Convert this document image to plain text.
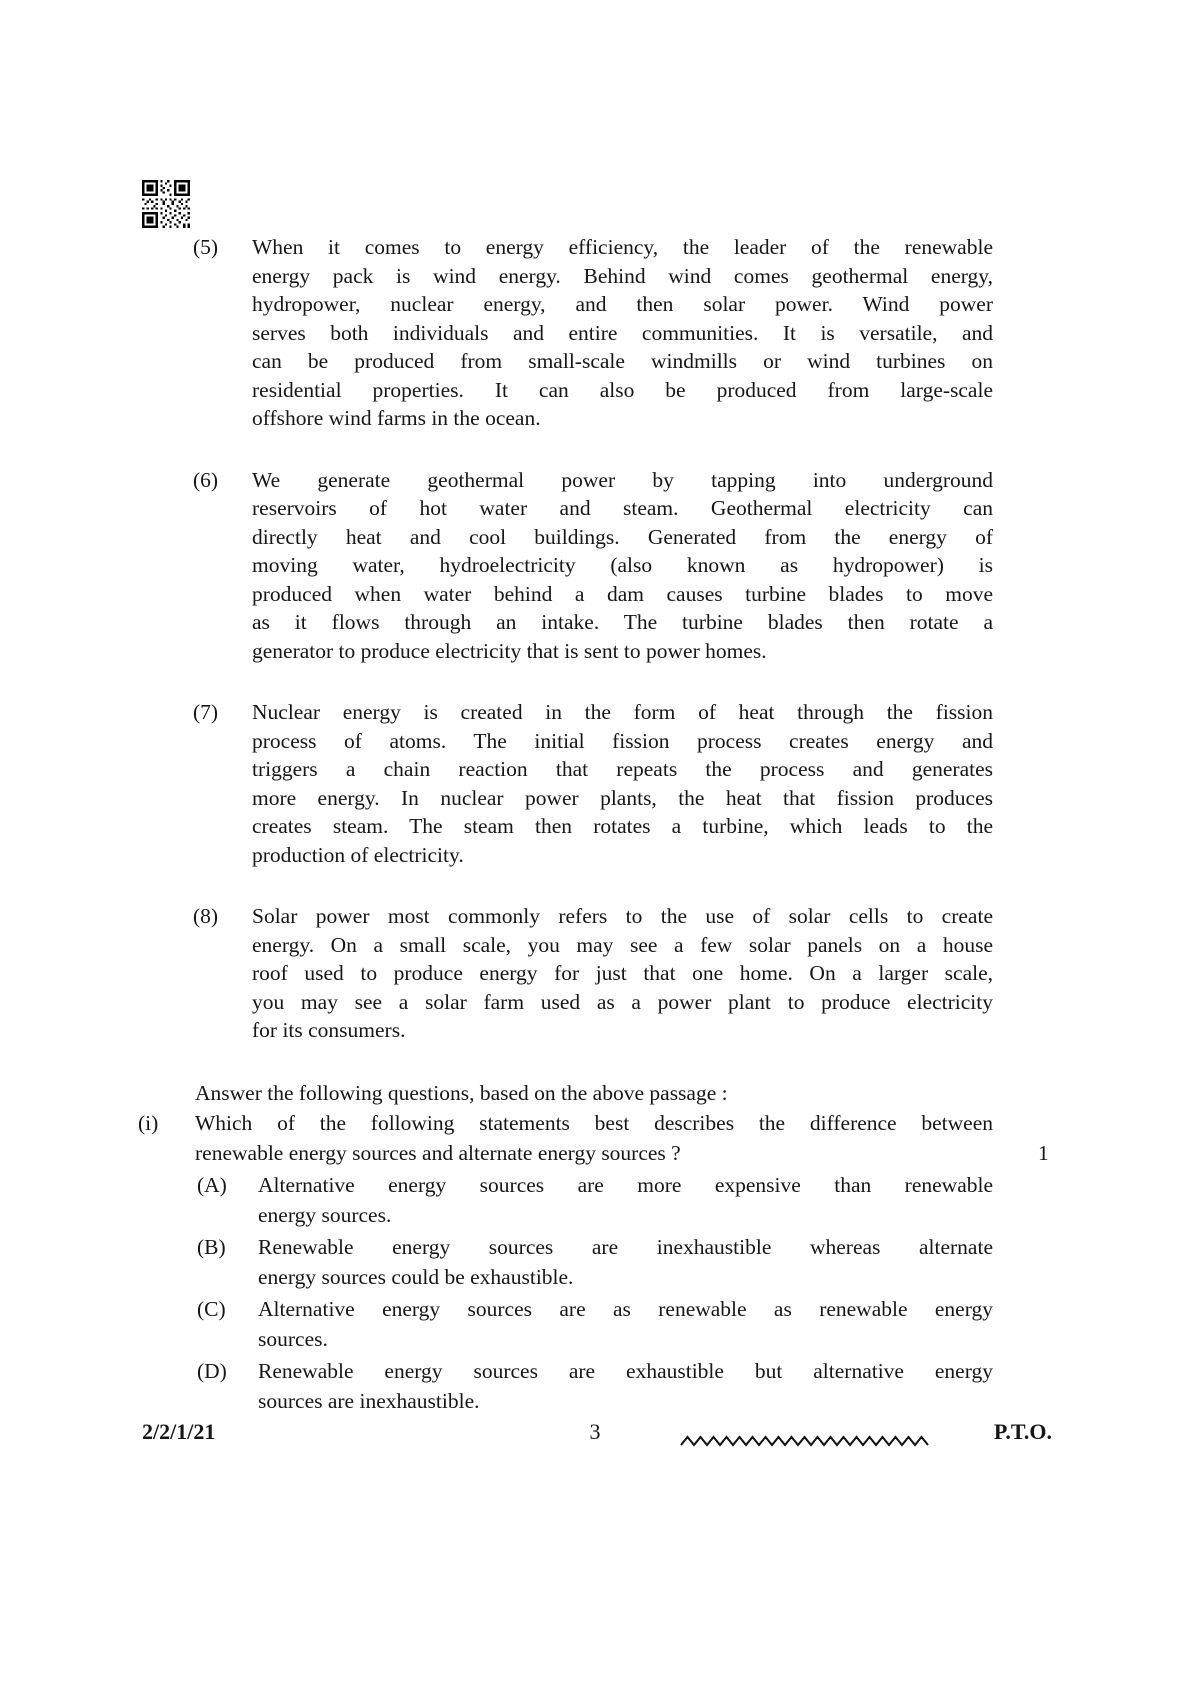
(5)	When it comes to energy efficiency, the leader of the renewable
energy pack is wind energy. Behind wind comes geothermal energy,
hydropower, nuclear energy, and then solar power. Wind power
serves both individuals and entire communities. It is versatile, and
can be produced from small-scale windmills or wind turbines on
residential properties. It can also be produced from large-scale
offshore wind farms in the ocean.
(6)	We generate geothermal power by tapping into underground
reservoirs of hot water and steam. Geothermal electricity can
directly heat and cool buildings. Generated from the energy of
moving water, hydroelectricity (also known as hydropower) is
produced when water behind a dam causes turbine blades to move
as it flows through an intake. The turbine blades then rotate a
generator to produce electricity that is sent to power homes.
(7)	Nuclear energy is created in the form of heat through the fission
process of atoms. The initial fission process creates energy and
triggers a chain reaction that repeats the process and generates
more energy. In nuclear power plants, the heat that fission produces
creates steam. The steam then rotates a turbine, which leads to the
production of electricity.
(8)	Solar power most commonly refers to the use of solar cells to create
energy. On a small scale, you may see a few solar panels on a house
roof used to produce energy for just that one home. On a larger scale,
you may see a solar farm used as a power plant to produce electricity
for its consumers.
Answer the following questions, based on the above passage :
(i)	Which of the following statements best describes the difference between
renewable energy sources and alternate energy sources ?	1
(A)	Alternative energy sources are more expensive than renewable
energy sources.
(B)	Renewable energy sources are inexhaustible whereas alternate
energy sources could be exhaustible.
(C)	Alternative energy sources are as renewable as renewable energy
sources.
(D)	Renewable energy sources are exhaustible but alternative energy
sources are inexhaustible.
3
2/2/1/21	P.T.O.
